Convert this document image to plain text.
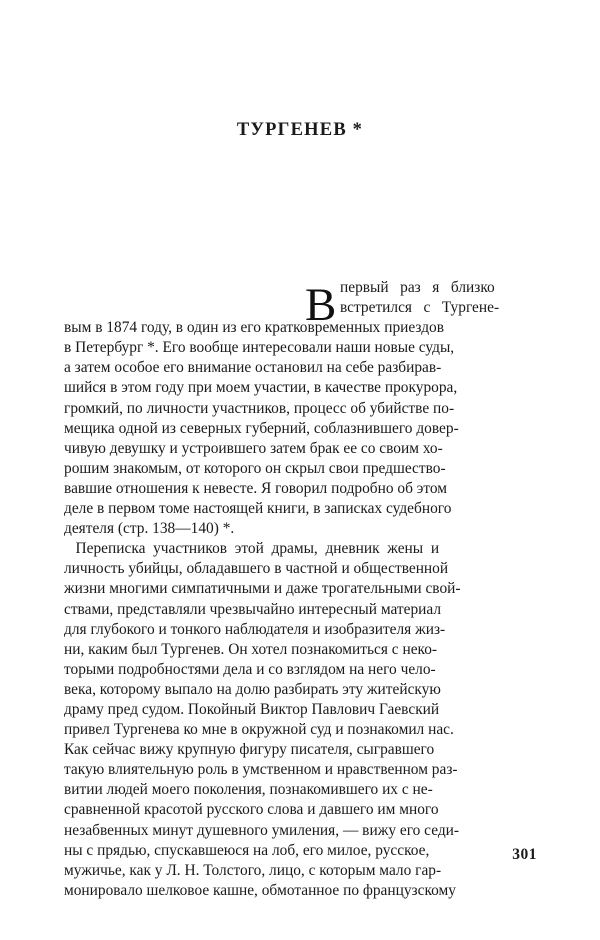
ТУРГЕНЕВ *
В первый   раз   я   близко
встретился   с   Тургене-
вым в 1874 году, в один из его кратковременных приездов
в Петербург *. Его вообще интересовали наши новые суды,
а затем особое его внимание остановил на себе разбирав-
шийся в этом году при моем участии, в качестве прокурора,
громкий, по личности участников, процесс об убийстве по-
мещика одной из северных губерний, соблазнившего довер-
чивую девушку и устроившего затем брак ее со своим хо-
рошим знакомым, от которого он скрыл свои предшество-
вавшие отношения к невесте. Я говорил подробно об этом
деле в первом томе настоящей книги, в записках судебного
деятеля (стр. 138—140) *.
Переписка  участников  этой  драмы,  дневник  жены  и
личность убийцы, обладавшего в частной и общественной
жизни многими симпатичными и даже трогательными свой-
ствами, представляли чрезвычайно интересный материал
для глубокого и тонкого наблюдателя и изобразителя жиз-
ни, каким был Тургенев. Он хотел познакомиться с неко-
торыми подробностями дела и со взглядом на него чело-
века, которому выпало на долю разбирать эту житейскую
драму пред судом. Покойный Виктор Павлович Гаевский
привел Тургенева ко мне в окружной суд и познакомил нас.
Как сейчас вижу крупную фигуру писателя, сыгравшего
такую влиятельную роль в умственном и нравственном раз-
витии людей моего поколения, познакомившего их с не-
сравненной красотой русского слова и давшего им много
незабвенных минут душевного умиления, — вижу его седи-
ны с прядью, спускавшеюся на лоб, его милое, русское,
мужичье, как у Л. Н. Толстого, лицо, с которым мало гар-
монировало шелковое кашне, обмотанное по французскому
301
